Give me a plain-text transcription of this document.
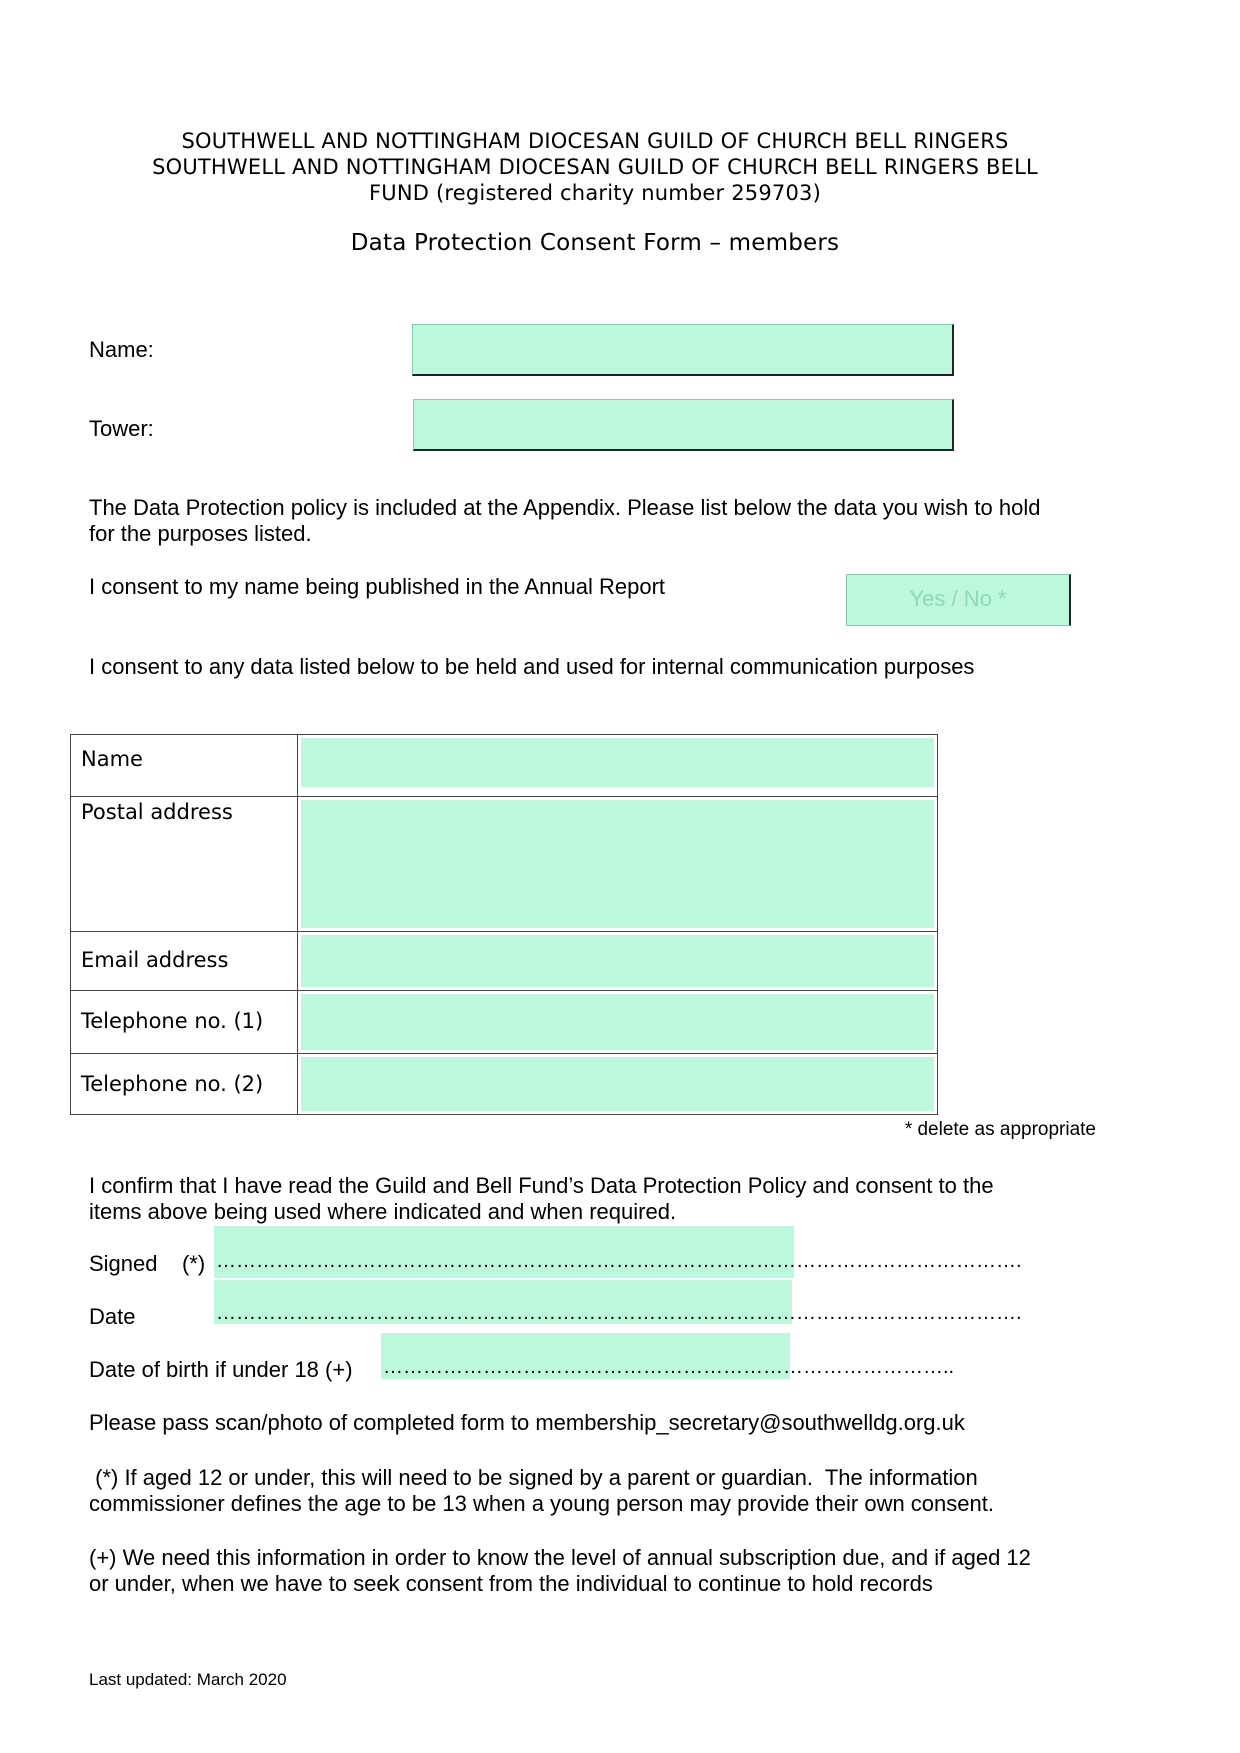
SOUTHWELL AND NOTTINGHAM DIOCESAN GUILD OF CHURCH BELL RINGERS
SOUTHWELL AND NOTTINGHAM DIOCESAN GUILD OF CHURCH BELL RINGERS BELL
FUND (registered charity number 259703)
Data Protection Consent Form – members
Name:
Tower:
The Data Protection policy is included at the Appendix. Please list below the data you wish to hold
for the purposes listed.
I consent to my name being published in the Annual Report	Yes / No *
I consent to any data listed below to be held and used for internal communication purposes
Name	

Postal address	

Email address	

Telephone no. (1)	

Telephone no. (2)	
* delete as appropriate
I confirm that I have read the Guild and Bell Fund’s Data Protection Policy and consent to the
items above being used where indicated and when required.
Signed    (*) ………………………………………………………………………………………………………….
Date	………………………………………………………………………………………………………….
Date of birth if under 18 (+) …………………………………………………………………………..
Please pass scan/photo of completed form to membership_secretary@southwelldg.org.uk
(*) If aged 12 or under, this will need to be signed by a parent or guardian.  The information
commissioner defines the age to be 13 when a young person may provide their own consent.
(+) We need this information in order to know the level of annual subscription due, and if aged 12
or under, when we have to seek consent from the individual to continue to hold records
Last updated: March 2020
